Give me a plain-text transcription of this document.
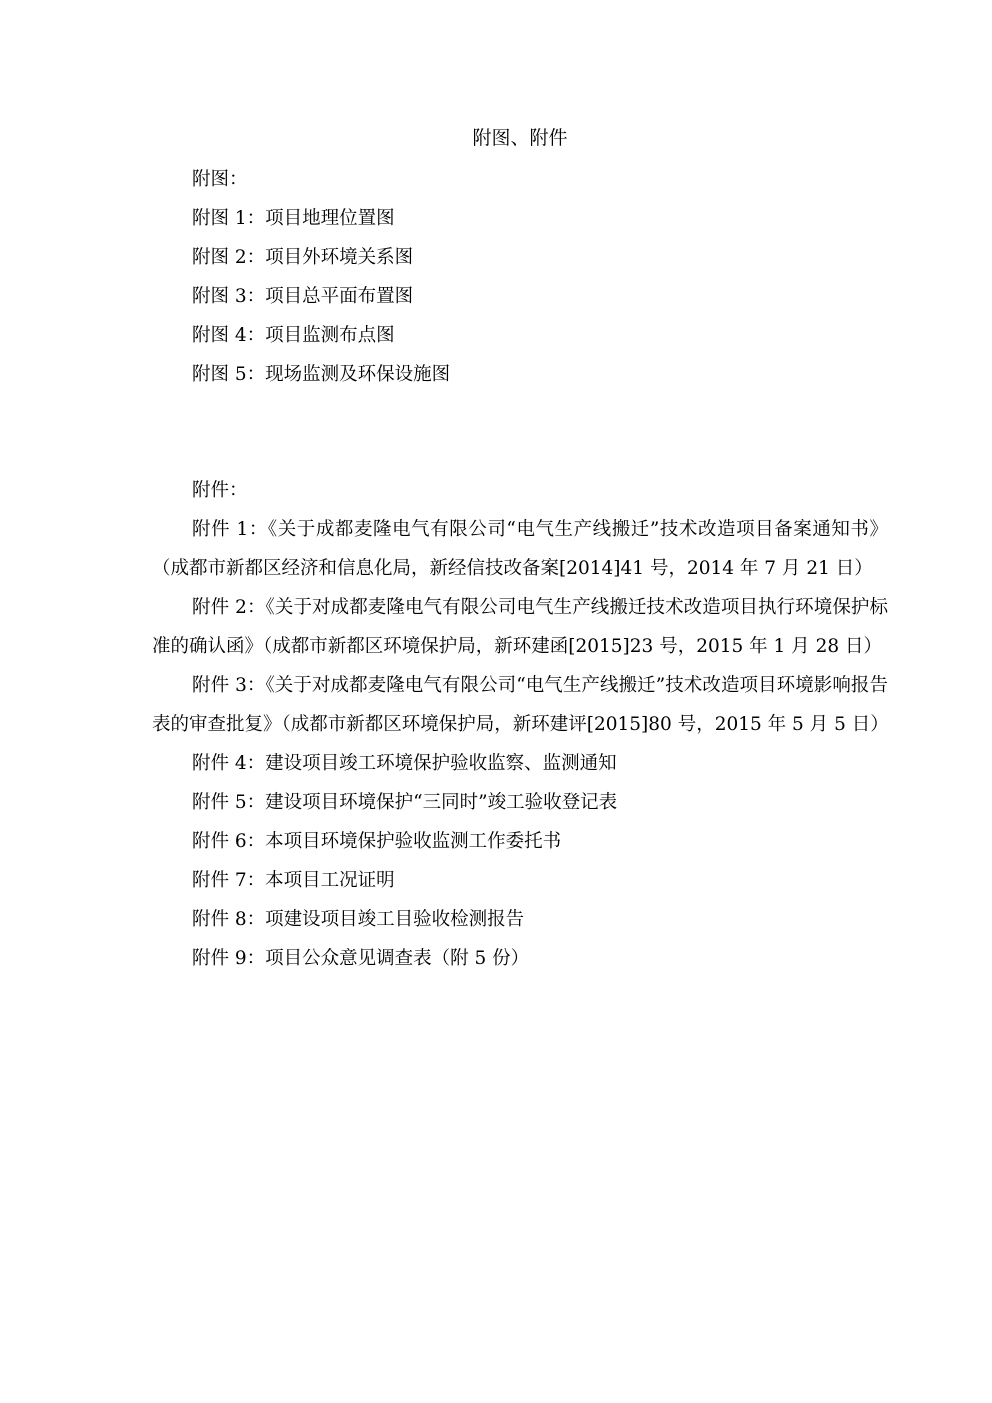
附图、附件
附图：
附图 1：项目地理位置图
附图 2：项目外环境关系图
附图 3：项目总平面布置图
附图 4：项目监测布点图
附图 5：现场监测及环保设施图
附件：

附件 1：《关于成都麦隆电气有限公司“电气生产线搬迁”技术改造项目备案通知书》（成都市新都区经济和信息化局，新经信技改备案[2014]41 号，2014 年 7 月 21 日）

附件 2：《关于对成都麦隆电气有限公司电气生产线搬迁技术改造项目执行环境保护标准的确认函》（成都市新都区环境保护局，新环建函[2015]23 号，2015 年 1 月 28 日）

附件 3：《关于对成都麦隆电气有限公司“电气生产线搬迁”技术改造项目环境影响报告表的审查批复》（成都市新都区环境保护局，新环建评[2015]80 号，2015 年 5 月 5 日）

附件 4：建设项目竣工环境保护验收监察、监测通知
附件 5：建设项目环境保护“三同时”竣工验收登记表
附件 6：本项目环境保护验收监测工作委托书
附件 7：本项目工况证明
附件 8：项建设项目竣工目验收检测报告
附件 9：项目公众意见调查表（附 5 份）
